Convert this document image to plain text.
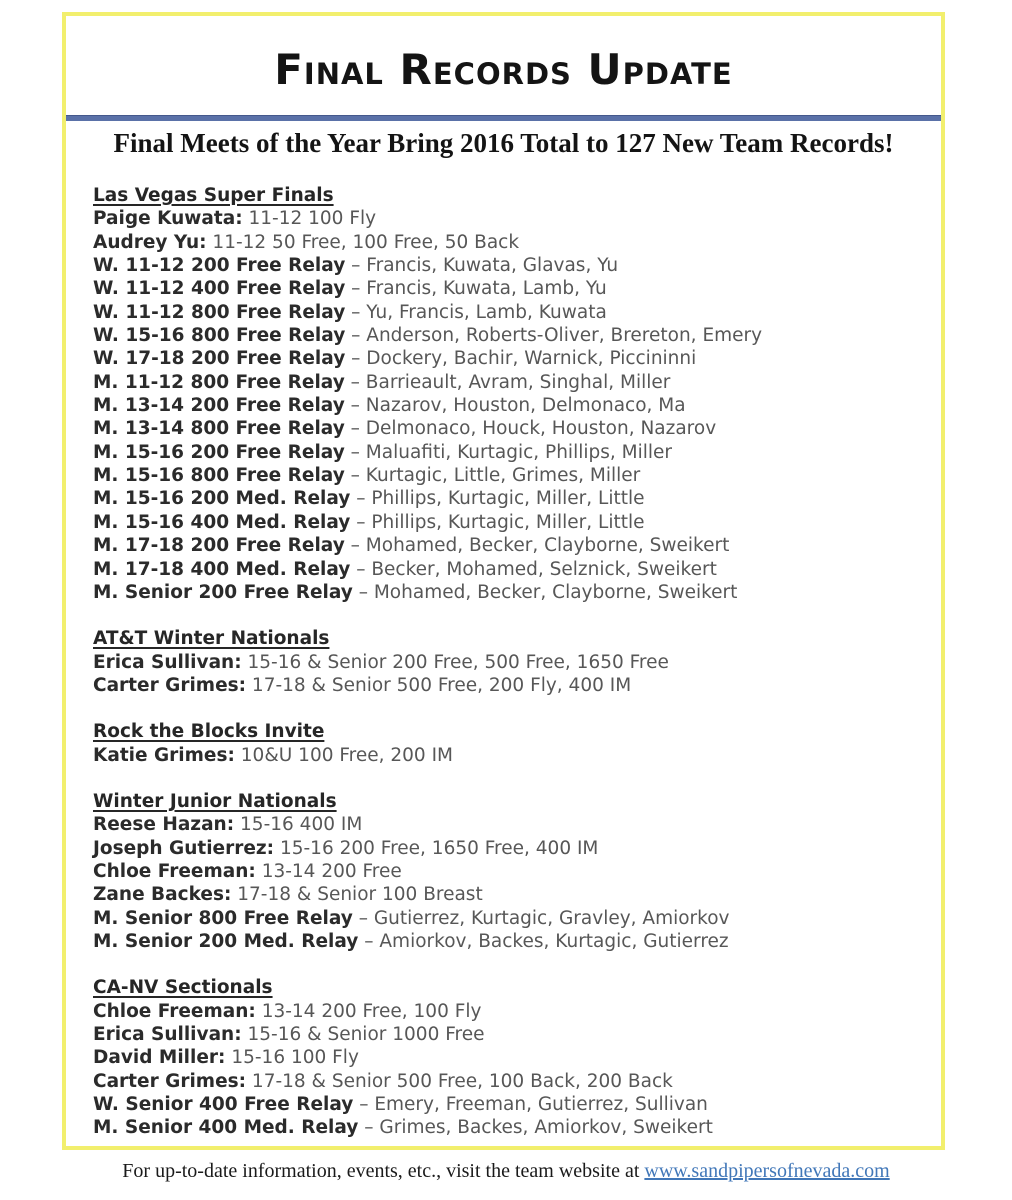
Final Records Update
Final Meets of the Year Bring 2016 Total to 127 New Team Records!
Las Vegas Super Finals
Paige Kuwata: 11-12 100 Fly
Audrey Yu: 11-12 50 Free, 100 Free, 50 Back
W. 11-12 200 Free Relay – Francis, Kuwata, Glavas, Yu
W. 11-12 400 Free Relay – Francis, Kuwata, Lamb, Yu
W. 11-12 800 Free Relay – Yu, Francis, Lamb, Kuwata
W. 15-16 800 Free Relay – Anderson, Roberts-Oliver, Brereton, Emery
W. 17-18 200 Free Relay – Dockery, Bachir, Warnick, Piccininni
M. 11-12 800 Free Relay – Barrieault, Avram, Singhal, Miller
M. 13-14 200 Free Relay – Nazarov, Houston, Delmonaco, Ma
M. 13-14 800 Free Relay – Delmonaco, Houck, Houston, Nazarov
M. 15-16 200 Free Relay – Maluafiti, Kurtagic, Phillips, Miller
M. 15-16 800 Free Relay – Kurtagic, Little, Grimes, Miller
M. 15-16 200 Med. Relay – Phillips, Kurtagic, Miller, Little
M. 15-16 400 Med. Relay – Phillips, Kurtagic, Miller, Little
M. 17-18 200 Free Relay – Mohamed, Becker, Clayborne, Sweikert
M. 17-18 400 Med. Relay – Becker, Mohamed, Selznick, Sweikert
M. Senior 200 Free Relay – Mohamed, Becker, Clayborne, Sweikert
AT&T Winter Nationals
Erica Sullivan: 15-16 & Senior 200 Free, 500 Free, 1650 Free
Carter Grimes: 17-18 & Senior 500 Free, 200 Fly, 400 IM
Rock the Blocks Invite
Katie Grimes: 10&U 100 Free, 200 IM
Winter Junior Nationals
Reese Hazan: 15-16 400 IM
Joseph Gutierrez: 15-16 200 Free, 1650 Free, 400 IM
Chloe Freeman: 13-14 200 Free
Zane Backes: 17-18 & Senior 100 Breast
M. Senior 800 Free Relay – Gutierrez, Kurtagic, Gravley, Amiorkov
M. Senior 200 Med. Relay – Amiorkov, Backes, Kurtagic, Gutierrez
CA-NV Sectionals
Chloe Freeman: 13-14 200 Free, 100 Fly
Erica Sullivan: 15-16 & Senior 1000 Free
David Miller: 15-16 100 Fly
Carter Grimes: 17-18 & Senior 500 Free, 100 Back, 200 Back
W. Senior 400 Free Relay – Emery, Freeman, Gutierrez, Sullivan
M. Senior 400 Med. Relay – Grimes, Backes, Amiorkov, Sweikert
For up-to-date information, events, etc., visit the team website at www.sandpipersofnevada.com
